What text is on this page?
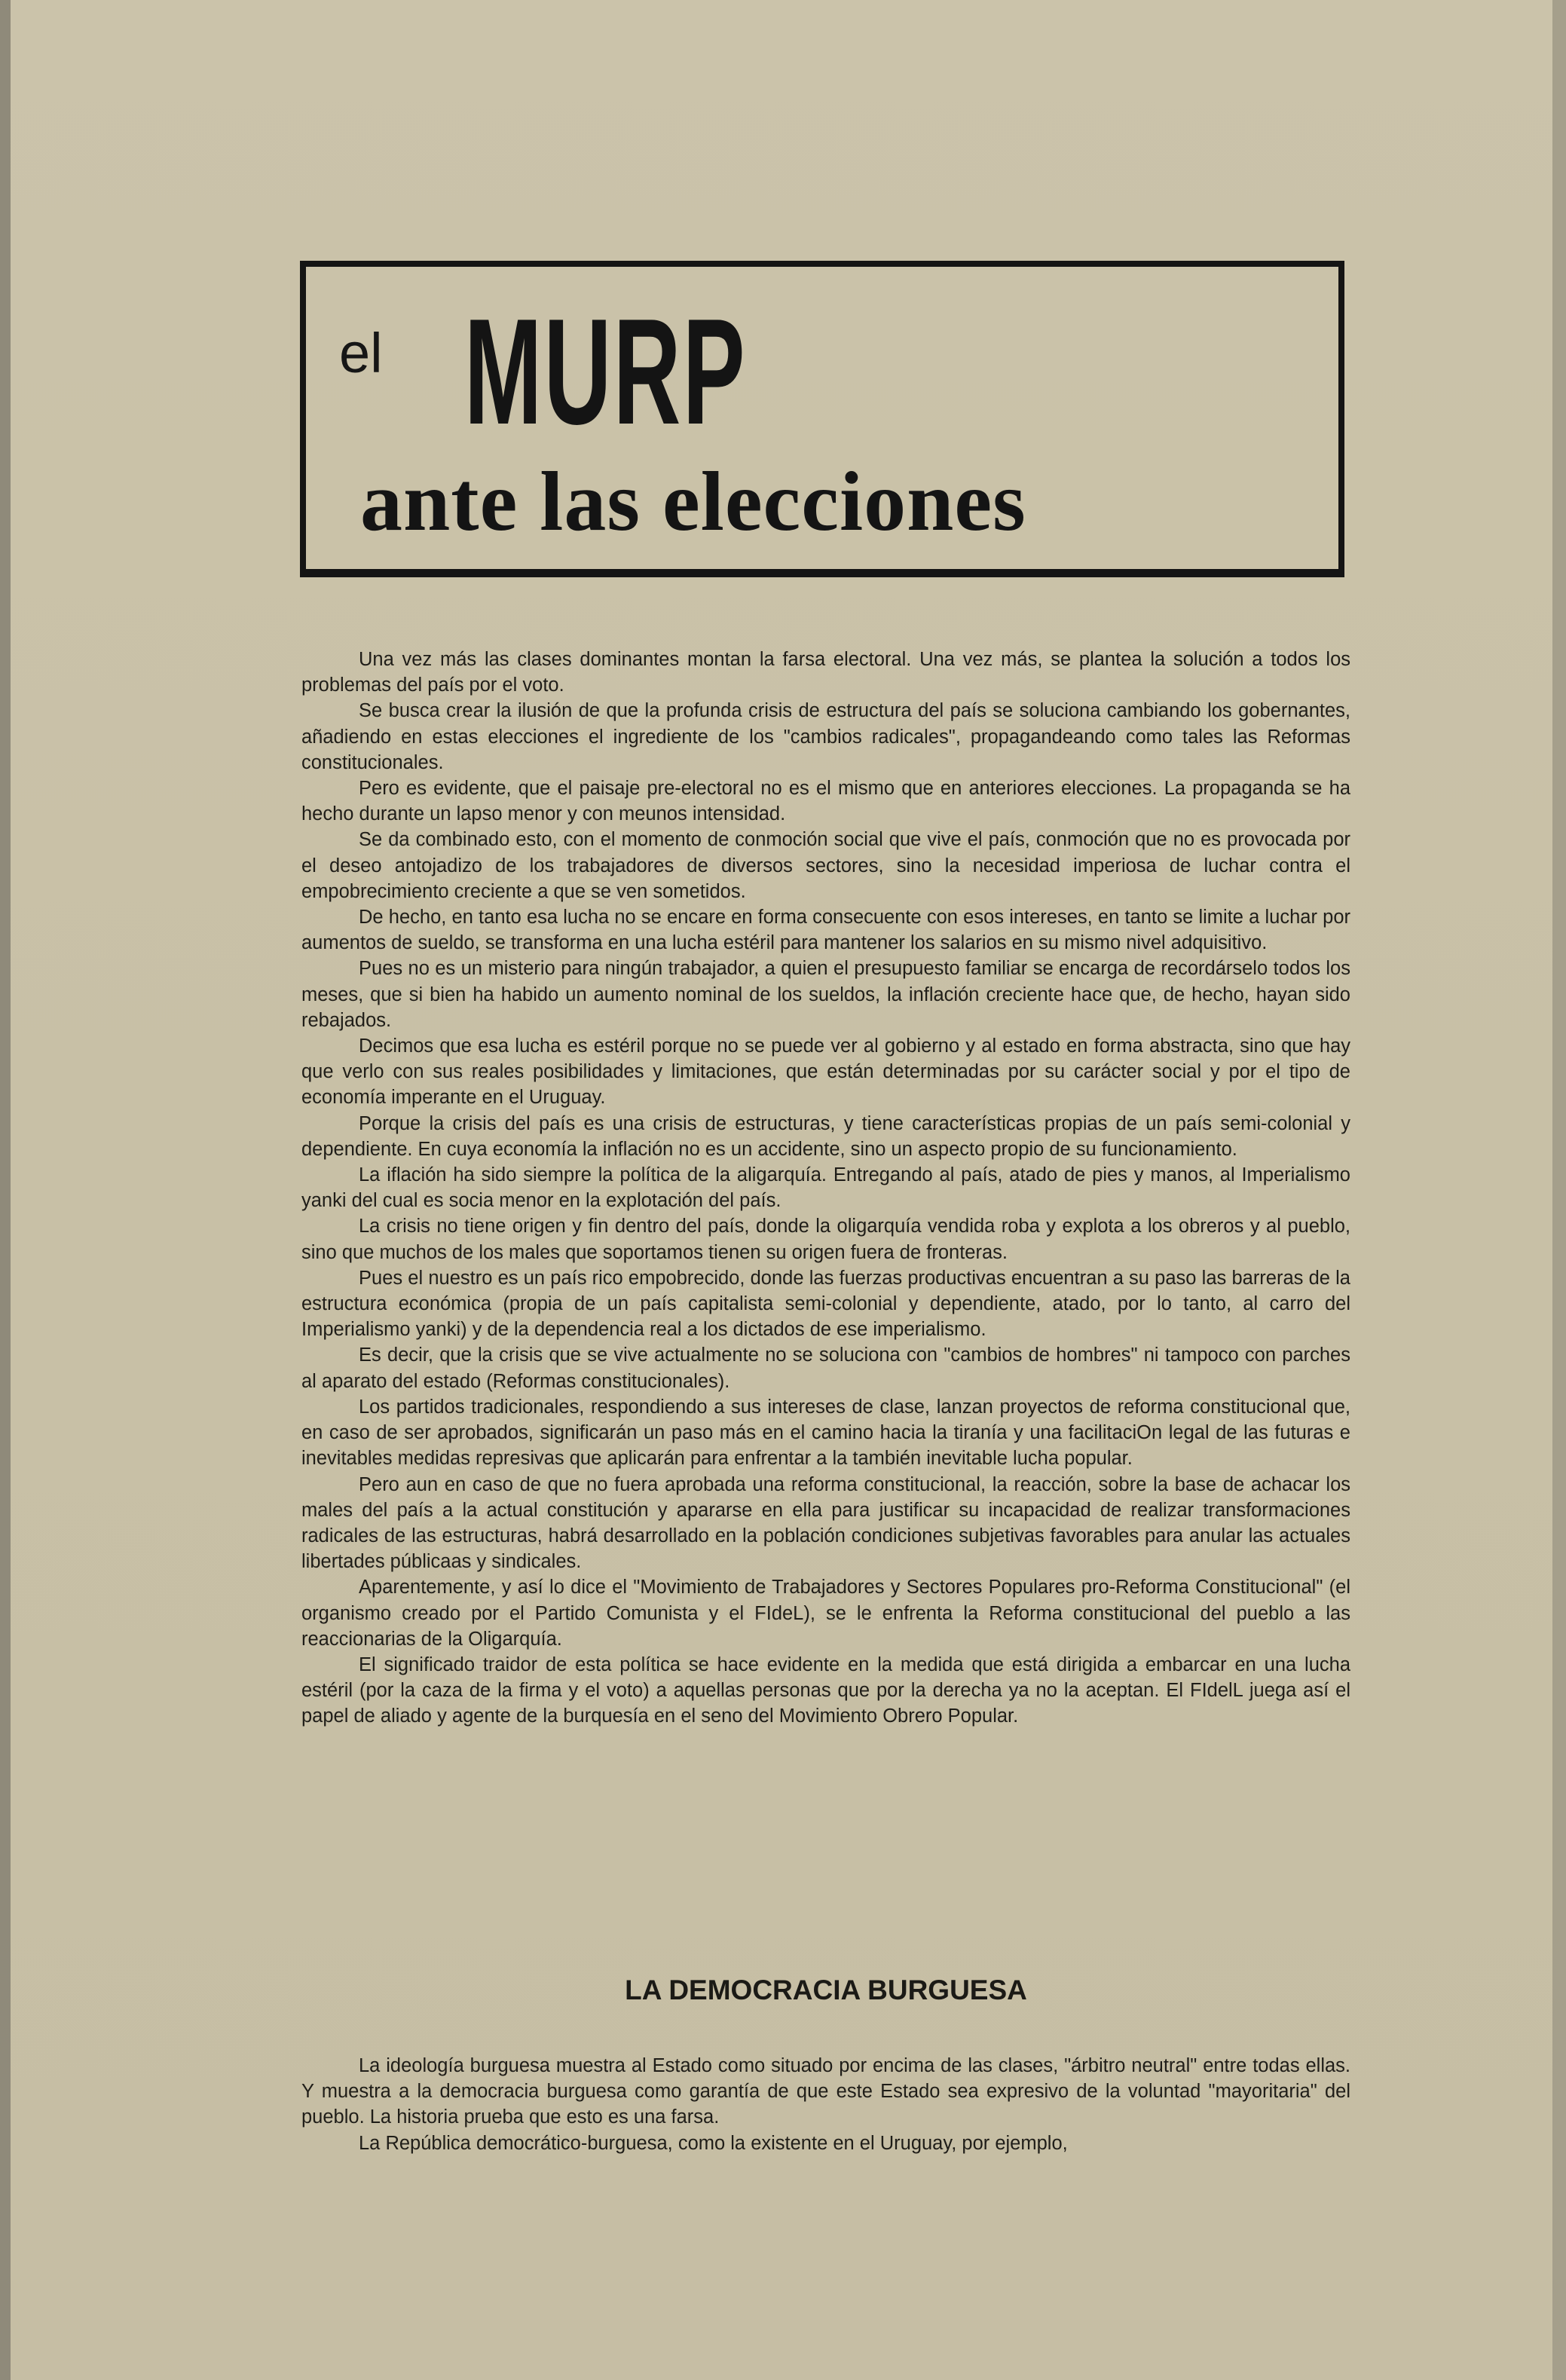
el MURP
ante las elecciones

Una vez más las clases dominantes montan la farsa electoral. Una vez más, se plantea la solución a todos los problemas del país por el voto.

Se busca crear la ilusión de que la profunda crisis de estructura del país se soluciona cambiando los gobernantes, añadiendo en estas elecciones el ingrediente de los "cambios radicales", propagandeando como tales las Reformas constitucionales.

Pero es evidente, que el paisaje pre-electoral no es el mismo que en anteriores elecciones. La propaganda se ha hecho durante un lapso menor y con meunos intensidad.

Se da combinado esto, con el momento de conmoción social que vive el país, conmoción que no es provocada por el deseo antojadizo de los trabajadores de diversos sectores, sino la necesidad imperiosa de luchar contra el empobrecimiento creciente a que se ven sometidos.

De hecho, en tanto esa lucha no se encare en forma consecuente con esos intereses, en tanto se limite a luchar por aumentos de sueldo, se transforma en una lucha estéril para mantener los salarios en su mismo nivel adquisitivo.

Pues no es un misterio para ningún trabajador, a quien el presupuesto familiar se encarga de recordárselo todos los meses, que si bien ha habido un aumento nominal de los sueldos, la inflación creciente hace que, de hecho, hayan sido rebajados.

Decimos que esa lucha es estéril porque no se puede ver al gobierno y al estado en forma abstracta, sino que hay que verlo con sus reales posibilidades y limitaciones, que están determinadas por su carácter social y por el tipo de economía imperante en el Uruguay.

Porque la crisis del país es una crisis de estructuras, y tiene características propias de un país semi-colonial y dependiente. En cuya economía la inflación no es un accidente, sino un aspecto propio de su funcionamiento.

La iflación ha sido siempre la política de la aligarquía. Entregando al país, atado de pies y manos, al Imperialismo yanki del cual es socia menor en la explotación del país.

La crisis no tiene origen y fin dentro del país, donde la oligarquía vendida roba y explota a los obreros y al pueblo, sino que muchos de los males que soportamos tienen su origen fuera de fronteras.

Pues el nuestro es un país rico empobrecido, donde las fuerzas productivas encuentran a su paso las barreras de la estructura económica (propia de un país capitalista semi-colonial y dependiente, atado, por lo tanto, al carro del Imperialismo yanki) y de la dependencia real a los dictados de ese imperialismo.

Es decir, que la crisis que se vive actualmente no se soluciona con "cambios de hombres" ni tampoco con parches al aparato del estado (Reformas constitucionales).

Los partidos tradicionales, respondiendo a sus intereses de clase, lanzan proyectos de reforma constitucional que, en caso de ser aprobados, significarán un paso más en el camino hacia la tiranía y una facilitaciOn legal de las futuras e inevitables medidas represivas que aplicarán para enfrentar a la también inevitable lucha popular.

Pero aun en caso de que no fuera aprobada una reforma constitucional, la reacción, sobre la base de achacar los males del país a la actual constitución y apararse en ella para justificar su incapacidad de realizar transformaciones radicales de las estructuras, habrá desarrollado en la población condiciones subjetivas favorables para anular las actuales libertades públicaas y sindicales.

Aparentemente, y así lo dice el "Movimiento de Trabajadores y Sectores Populares pro-Reforma Constitucional" (el organismo creado por el Partido Comunista y el FIdeL), se le enfrenta la Reforma constitucional del pueblo a las reaccionarias de la Oligarquía.

El significado traidor de esta política se hace evidente en la medida que está dirigida a embarcar en una lucha estéril (por la caza de la firma y el voto) a aquellas personas que por la derecha ya no la aceptan. El FIdelL juega así el papel de aliado y agente de la burquesía en el seno del Movimiento Obrero Popular.

LA DEMOCRACIA BURGUESA

La ideología burguesa muestra al Estado como situado por encima de las clases, "árbitro neutral" entre todas ellas. Y muestra a la democracia burguesa como garantía de que este Estado sea expresivo de la voluntad "mayoritaria" del pueblo. La historia prueba que esto es una farsa.

La República democrático-burguesa, como la existente en el Uruguay, por ejemplo,
